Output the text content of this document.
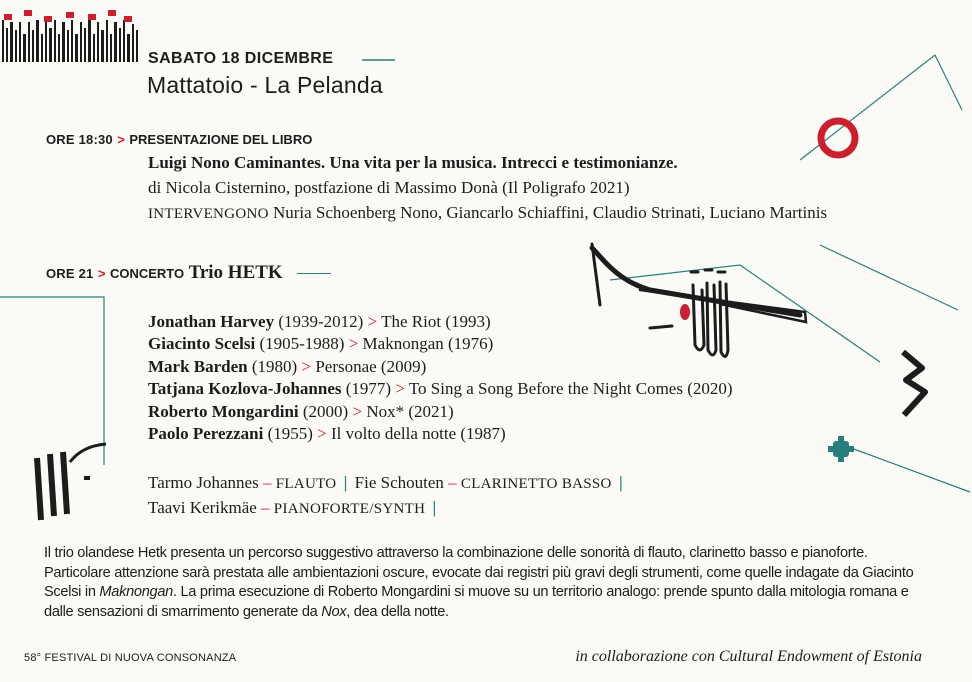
SABATO 18 DICEMBRE
Mattatoio - La Pelanda
ORE 18:30 > PRESENTAZIONE DEL LIBRO
Luigi Nono Caminantes. Una vita per la musica. Intrecci e testimonianze.
di Nicola Cisternino, postfazione di Massimo Donà (Il Poligrafo 2021)
INTERVENGONO Nuria Schoenberg Nono, Giancarlo Schiaffini, Claudio Strinati, Luciano Martinis
ORE 21 > CONCERTO Trio HETK
Jonathan Harvey (1939-2012) > The Riot (1993)
Giacinto Scelsi (1905-1988) > Maknongan (1976)
Mark Barden (1980) > Personae (2009)
Tatjana Kozlova-Johannes (1977) > To Sing a Song Before the Night Comes (2020)
Roberto Mongardini (2000) > Nox* (2021)
Paolo Perezzani (1955) > Il volto della notte (1987)
Tarmo Johannes – FLAUTO | Fie Schouten – CLARINETTO BASSO |
Taavi Kerikmäe – PIANOFORTE/SYNTH |
Il trio olandese Hetk presenta un percorso suggestivo attraverso la combinazione delle sonorità di flauto, clarinetto basso e pianoforte. Particolare attenzione sarà prestata alle ambientazioni oscure, evocate dai registri più gravi degli strumenti, come quelle indagate da Giacinto Scelsi in Maknongan. La prima esecuzione di Roberto Mongardini si muove su un territorio analogo: prende spunto dalla mitologia romana e dalle sensazioni di smarrimento generate da Nox, dea della notte.
58° FESTIVAL DI NUOVA CONSONANZA	in collaborazione con Cultural Endowment of Estonia
